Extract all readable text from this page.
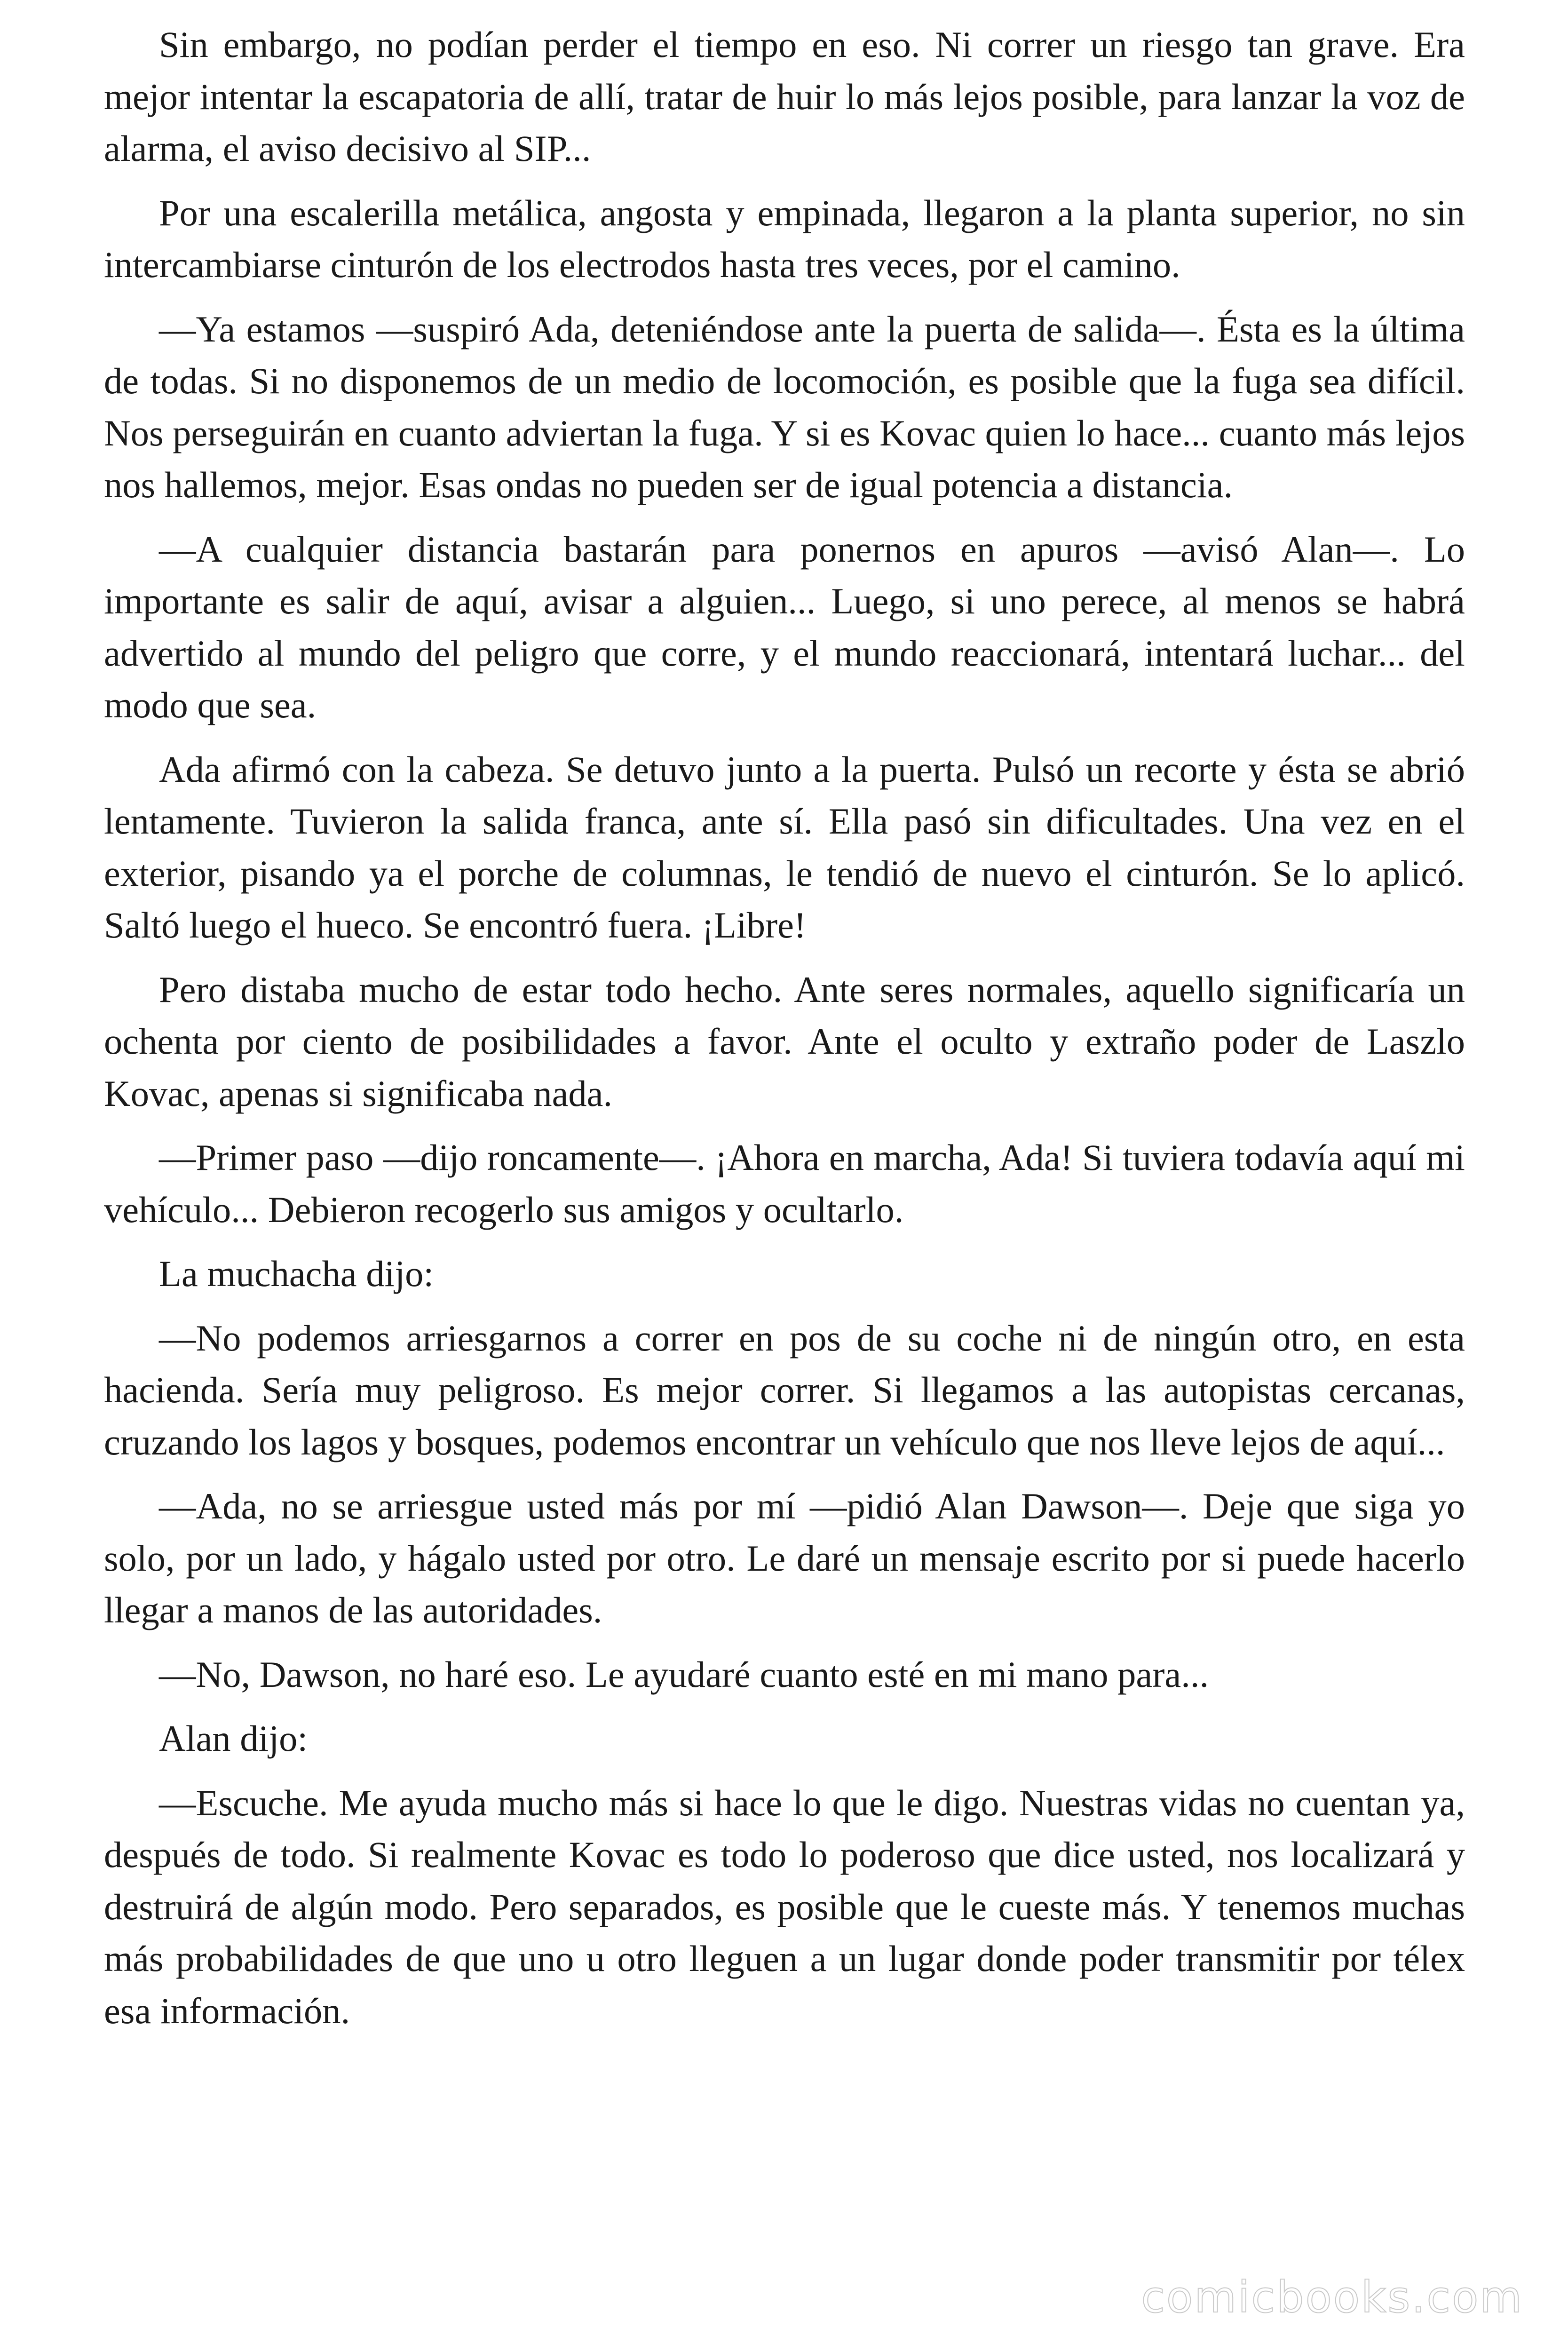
Sin embargo, no podían perder el tiempo en eso. Ni correr un riesgo tan grave. Era mejor intentar la escapatoria de allí, tratar de huir lo más lejos posible, para lanzar la voz de alarma, el aviso decisivo al SIP...

Por una escalerilla metálica, angosta y empinada, llegaron a la planta superior, no sin intercambiarse cinturón de los electrodos hasta tres veces, por el camino.

—Ya estamos —suspiró Ada, deteniéndose ante la puerta de salida—. Ésta es la última de todas. Si no disponemos de un medio de locomoción, es posible que la fuga sea difícil. Nos perseguirán en cuanto adviertan la fuga. Y si es Kovac quien lo hace... cuanto más lejos nos hallemos, mejor. Esas ondas no pueden ser de igual potencia a distancia.

—A cualquier distancia bastarán para ponernos en apuros —avisó Alan—. Lo importante es salir de aquí, avisar a alguien... Luego, si uno perece, al menos se habrá advertido al mundo del peligro que corre, y el mundo reaccionará, intentará luchar... del modo que sea.

Ada afirmó con la cabeza. Se detuvo junto a la puerta. Pulsó un recorte y ésta se abrió lentamente. Tuvieron la salida franca, ante sí. Ella pasó sin dificultades. Una vez en el exterior, pisando ya el porche de columnas, le tendió de nuevo el cinturón. Se lo aplicó. Saltó luego el hueco. Se encontró fuera. ¡Libre!

Pero distaba mucho de estar todo hecho. Ante seres normales, aquello significaría un ochenta por ciento de posibilidades a favor. Ante el oculto y extraño poder de Laszlo Kovac, apenas si significaba nada.

—Primer paso —dijo roncamente—. ¡Ahora en marcha, Ada! Si tuviera todavía aquí mi vehículo... Debieron recogerlo sus amigos y ocultarlo.

La muchacha dijo:

—No podemos arriesgarnos a correr en pos de su coche ni de ningún otro, en esta hacienda. Sería muy peligroso. Es mejor correr. Si llegamos a las autopistas cercanas, cruzando los lagos y bosques, podemos encontrar un vehículo que nos lleve lejos de aquí...

—Ada, no se arriesgue usted más por mí —pidió Alan Dawson—. Deje que siga yo solo, por un lado, y hágalo usted por otro. Le daré un mensaje escrito por si puede hacerlo llegar a manos de las autoridades.

—No, Dawson, no haré eso. Le ayudaré cuanto esté en mi mano para...

Alan dijo:

—Escuche. Me ayuda mucho más si hace lo que le digo. Nuestras vidas no cuentan ya, después de todo. Si realmente Kovac es todo lo poderoso que dice usted, nos localizará y destruirá de algún modo. Pero separados, es posible que le cueste más. Y tenemos muchas más probabilidades de que uno u otro lleguen a un lugar donde poder transmitir por télex esa información.

comicbooks.com
